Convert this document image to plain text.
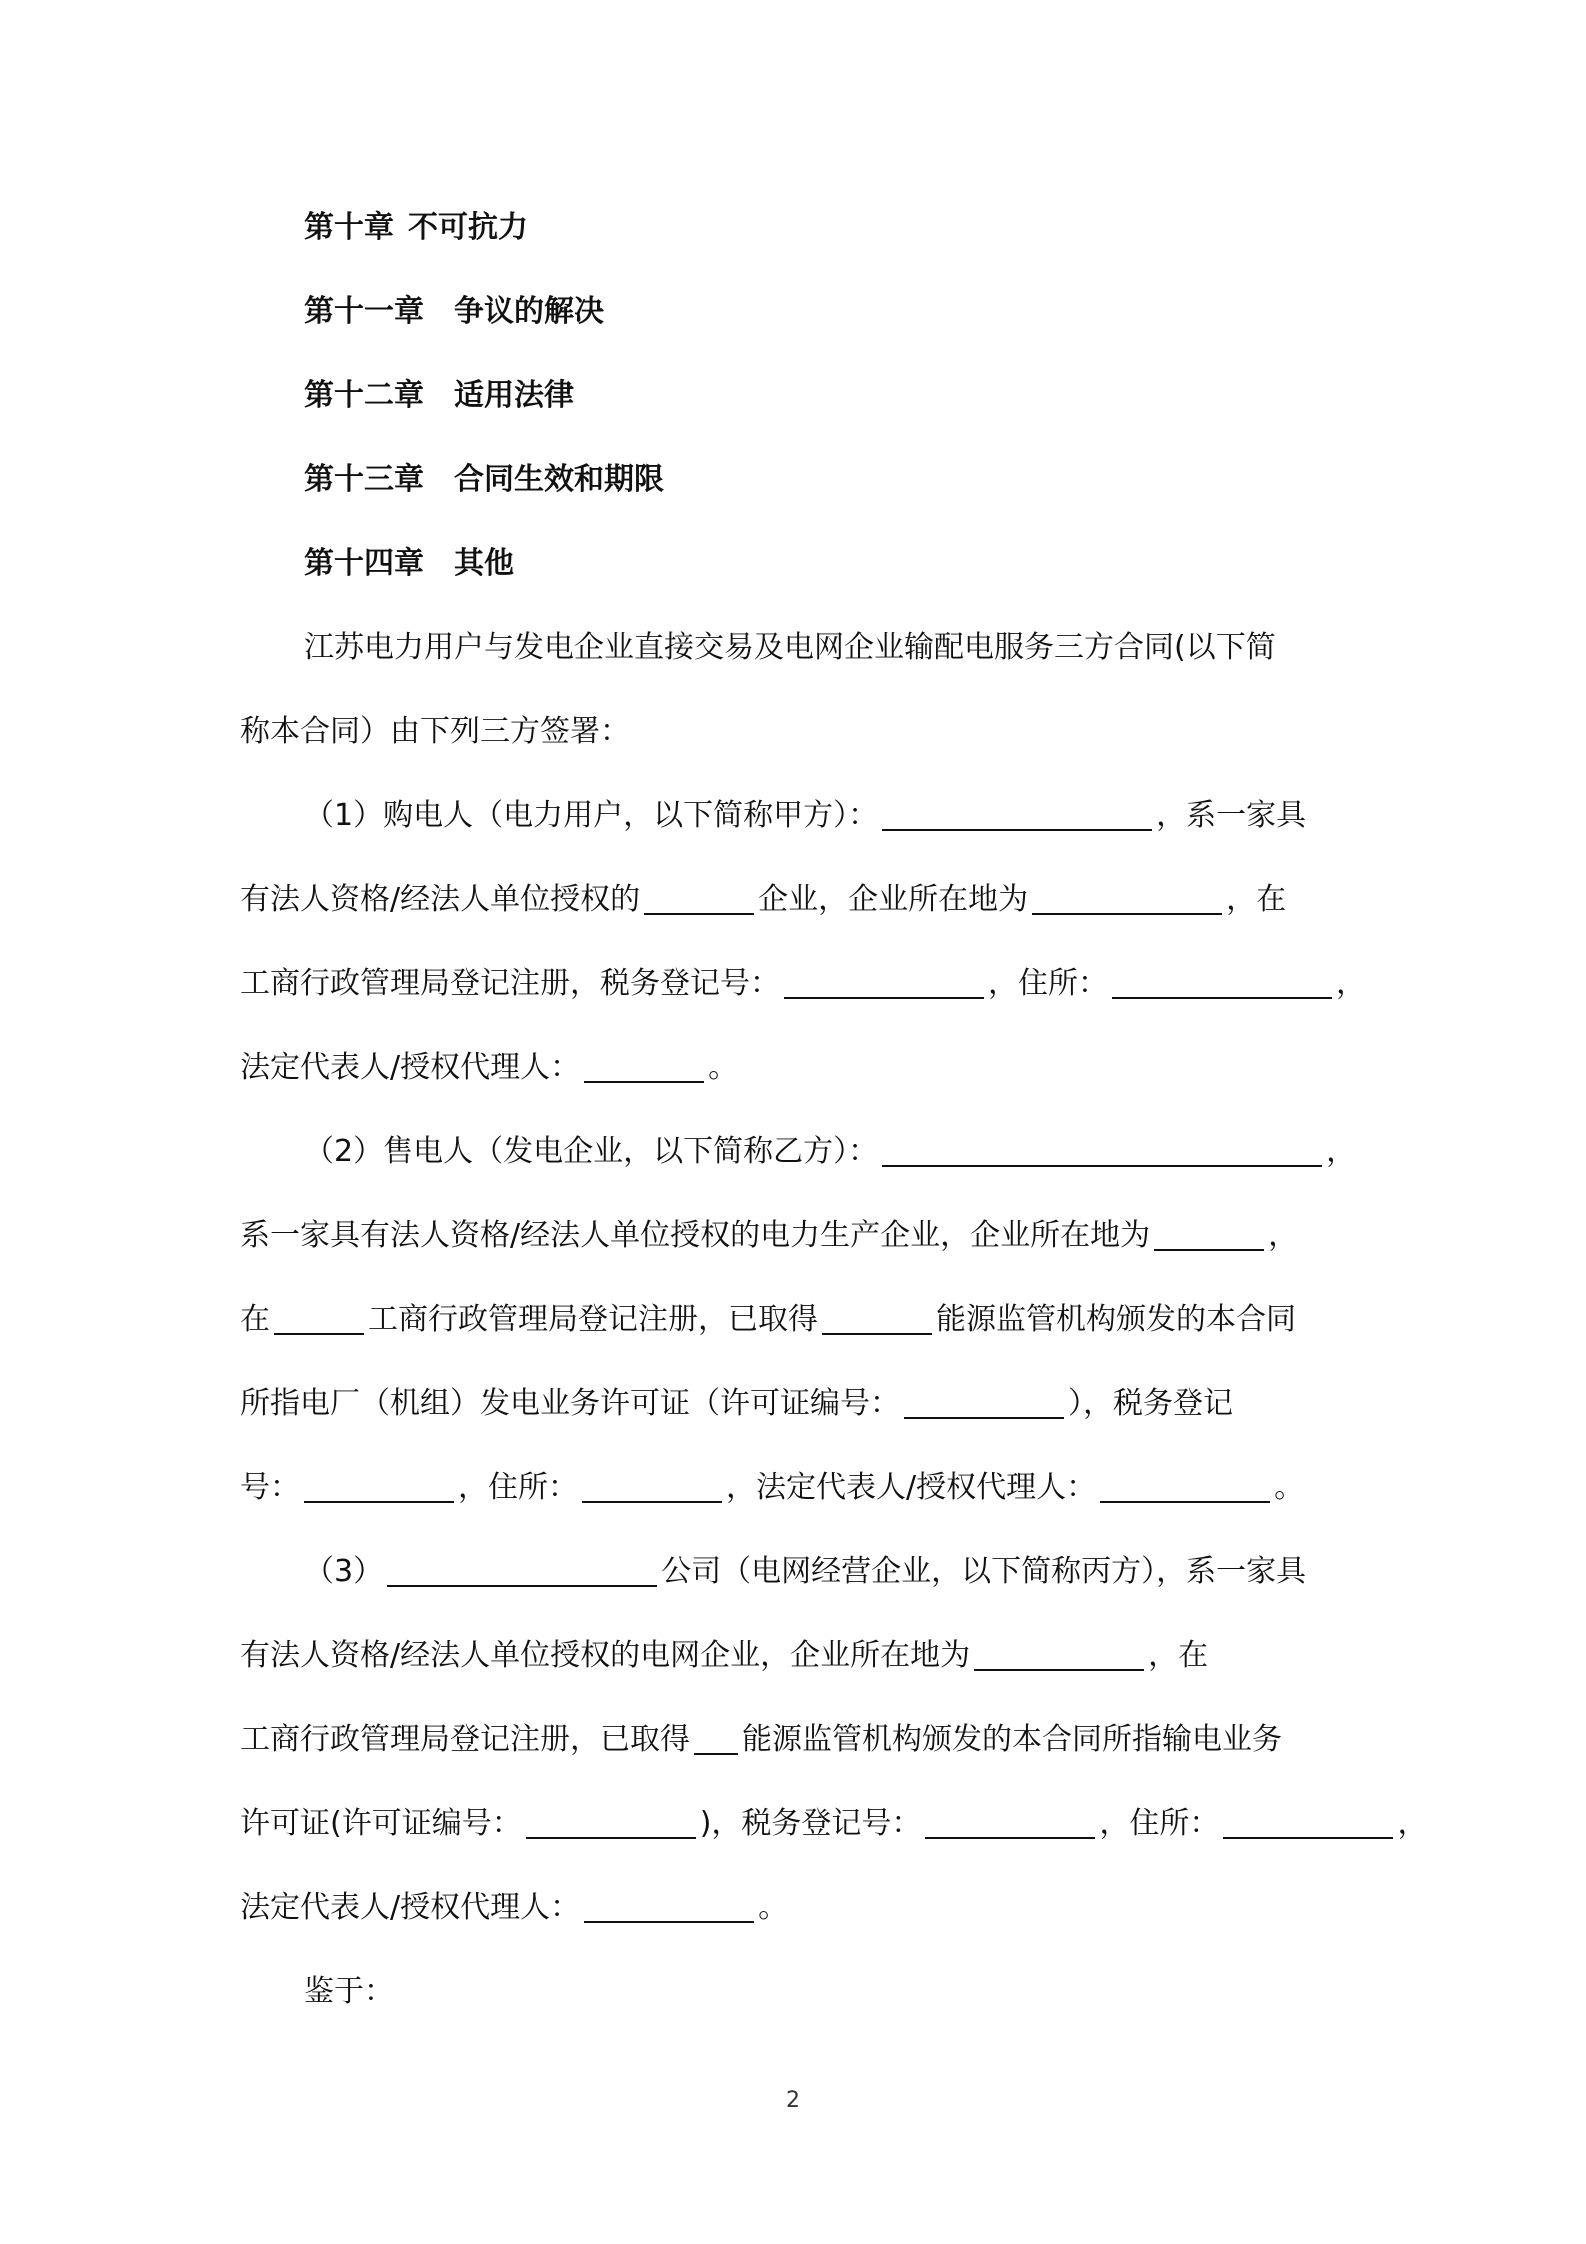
第十章 不可抗力
第十一章 争议的解决
第十二章 适用法律
第十三章 合同生效和期限
第十四章 其他
江苏电力用户与发电企业直接交易及电网企业输配电服务三方合同(以下简
称本合同）由下列三方签署：
（1）购电人（电力用户，以下简称甲方）：	，系一家具
有法人资格/经法人单位授权的	企业，企业所在地为	，在
工商行政管理局登记注册，税务登记号：	，住所：	，
法定代表人/授权代理人：	。
（2）售电人（发电企业，以下简称乙方）：	，
系一家具有法人资格/经法人单位授权的电力生产企业，企业所在地为	，
在	工商行政管理局登记注册，已取得	能源监管机构颁发的本合同
所指电厂（机组）发电业务许可证（许可证编号：	），税务登记
号：	，住所：	，法定代表人/授权代理人：	。
（3）	公司（电网经营企业，以下简称丙方），系一家具
有法人资格/经法人单位授权的电网企业，企业所在地为	，在
工商行政管理局登记注册，已取得 能源监管机构颁发的本合同所指输电业务
许可证(许可证编号：	)，税务登记号：	，住所：	，
法定代表人/授权代理人：	。
鉴于：
2
